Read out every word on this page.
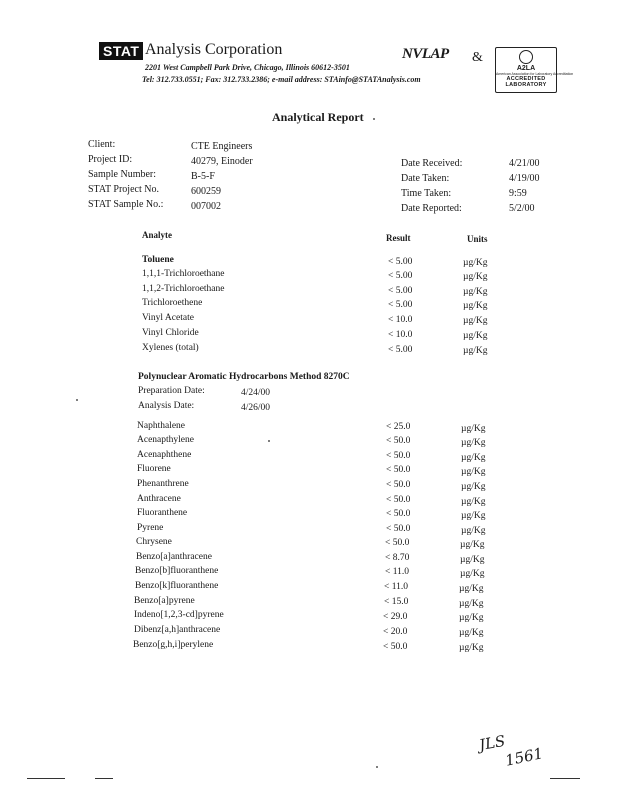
STAT Analysis Corporation
2201 West Campbell Park Drive, Chicago, Illinois 60612-3501
Tel: 312.733.0551; Fax: 312.733.2386; e-mail address: STAinfo@STATAnalysis.com
NVLAP &
A2LA
American Association for Laboratory Accreditation
ACCREDITED
LABORATORY
Analytical Report
Client:	CTE Engineers
Project ID:	40279, Einoder
Sample Number:	B-5-F
STAT Project No.	600259
STAT Sample No.:	007002
Date Received:	4/21/00
Date Taken:	4/19/00
Time Taken:	9:59
Date Reported:	5/2/00
Analyte	Result	Units
Toluene	< 5.00	µg/Kg
1,1,1-Trichloroethane	< 5.00	µg/Kg
1,1,2-Trichloroethane	< 5.00	µg/Kg
Trichloroethene	< 5.00	µg/Kg
Vinyl Acetate	< 10.0	µg/Kg
Vinyl Chloride	< 10.0	µg/Kg
Xylenes (total)	< 5.00	µg/Kg
Polynuclear Aromatic Hydrocarbons Method 8270C
Preparation Date:	4/24/00
Analysis Date:	4/26/00
Naphthalene	< 25.0	µg/Kg
Acenapthylene	< 50.0	µg/Kg
Acenaphthene	< 50.0	µg/Kg
Fluorene	< 50.0	µg/Kg
Phenanthrene	< 50.0	µg/Kg
Anthracene	< 50.0	µg/Kg
Fluoranthene	< 50.0	µg/Kg
Pyrene	< 50.0	µg/Kg
Chrysene	< 50.0	µg/Kg
Benzo[a]anthracene	< 8.70	µg/Kg
Benzo[b]fluoranthene	< 11.0	µg/Kg
Benzo[k]fluoranthene	< 11.0	µg/Kg
Benzo[a]pyrene	< 15.0	µg/Kg
Indeno[1,2,3-cd]pyrene	< 29.0	µg/Kg
Dibenz[a,h]anthracene	< 20.0	µg/Kg
Benzo[g,h,i]perylene	< 50.0	µg/Kg
JLS
1561
